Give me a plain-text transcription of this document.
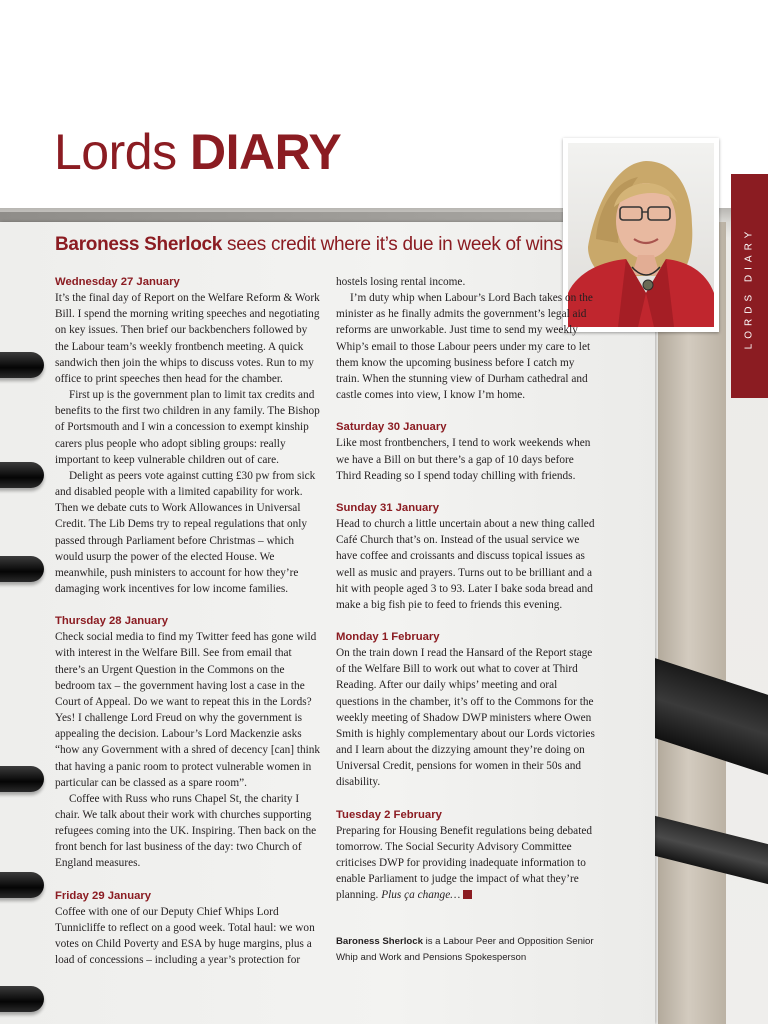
Lords DIARY
LORDS DIARY
Baroness Sherlock sees credit where it’s due in week of wins
Wednesday 27 January

It’s the final day of Report on the Welfare Reform & Work Bill. I spend the morning writing speeches and negotiating on key issues. Then brief our backbenchers followed by the Labour team’s weekly frontbench meeting. A quick sandwich then join the whips to discuss votes. Run to my office to print speeches then head for the chamber.

First up is the government plan to limit tax credits and benefits to the first two children in any family. The Bishop of Portsmouth and I win a concession to exempt kinship carers plus people who adopt sibling groups: really important to keep vulnerable children out of care.

Delight as peers vote against cutting £30 pw from sick and disabled people with a limited capability for work. Then we debate cuts to Work Allowances in Universal Credit. The Lib Dems try to repeal regulations that only passed through Parliament before Christmas – which would usurp the power of the elected House. We meanwhile, push ministers to account for how they’re damaging work incentives for low income families.

Thursday 28 January

Check social media to find my Twitter feed has gone wild with interest in the Welfare Bill. See from email that there’s an Urgent Question in the Commons on the bedroom tax – the government having lost a case in the Court of Appeal. Do we want to repeat this in the Lords? Yes! I challenge Lord Freud on why the government is appealing the decision. Labour’s Lord Mackenzie asks “how any Government with a shred of decency [can] think that having a panic room to protect vulnerable women in particular can be classed as a spare room”.

Coffee with Russ who runs Chapel St, the charity I chair. We talk about their work with churches supporting refugees coming into the UK. Inspiring. Then back on the front bench for last business of the day: two Church of England measures.

Friday 29 January

Coffee with one of our Deputy Chief Whips Lord Tunnicliffe to reflect on a good week. Total haul: we won votes on Child Poverty and ESA by huge margins, plus a load of concessions – including a year’s protection for

hostels losing rental income.

I’m duty whip when Labour’s Lord Bach takes on the minister as he finally admits the government’s legal aid reforms are unworkable. Just time to send my weekly Whip’s email to those Labour peers under my care to let them know the upcoming business before I catch my train. When the stunning view of Durham cathedral and castle comes into view, I know I’m home.

Saturday 30 January

Like most frontbenchers, I tend to work weekends when we have a Bill on but there’s a gap of 10 days before Third Reading so I spend today chilling with friends.

Sunday 31 January

Head to church a little uncertain about a new thing called Café Church that’s on. Instead of the usual service we have coffee and croissants and discuss topical issues as well as music and prayers. Turns out to be brilliant and a hit with people aged 3 to 93. Later I bake soda bread and make a big fish pie to feed to friends this evening.

Monday 1 February

On the train down I read the Hansard of the Report stage of the Welfare Bill to work out what to cover at Third Reading. After our daily whips’ meeting and oral questions in the chamber, it’s off to the Commons for the weekly meeting of Shadow DWP ministers where Owen Smith is highly complementary about our Lords victories and I learn about the dizzying amount they’re doing on Universal Credit, pensions for women in their 50s and disability.

Tuesday 2 February

Preparing for Housing Benefit regulations being debated tomorrow. The Social Security Advisory Committee criticises DWP for providing inadequate information to enable Parliament to judge the impact of what they’re planning. Plus ça change…

Baroness Sherlock is a Labour Peer and Opposition Senior Whip and Work and Pensions Spokesperson
